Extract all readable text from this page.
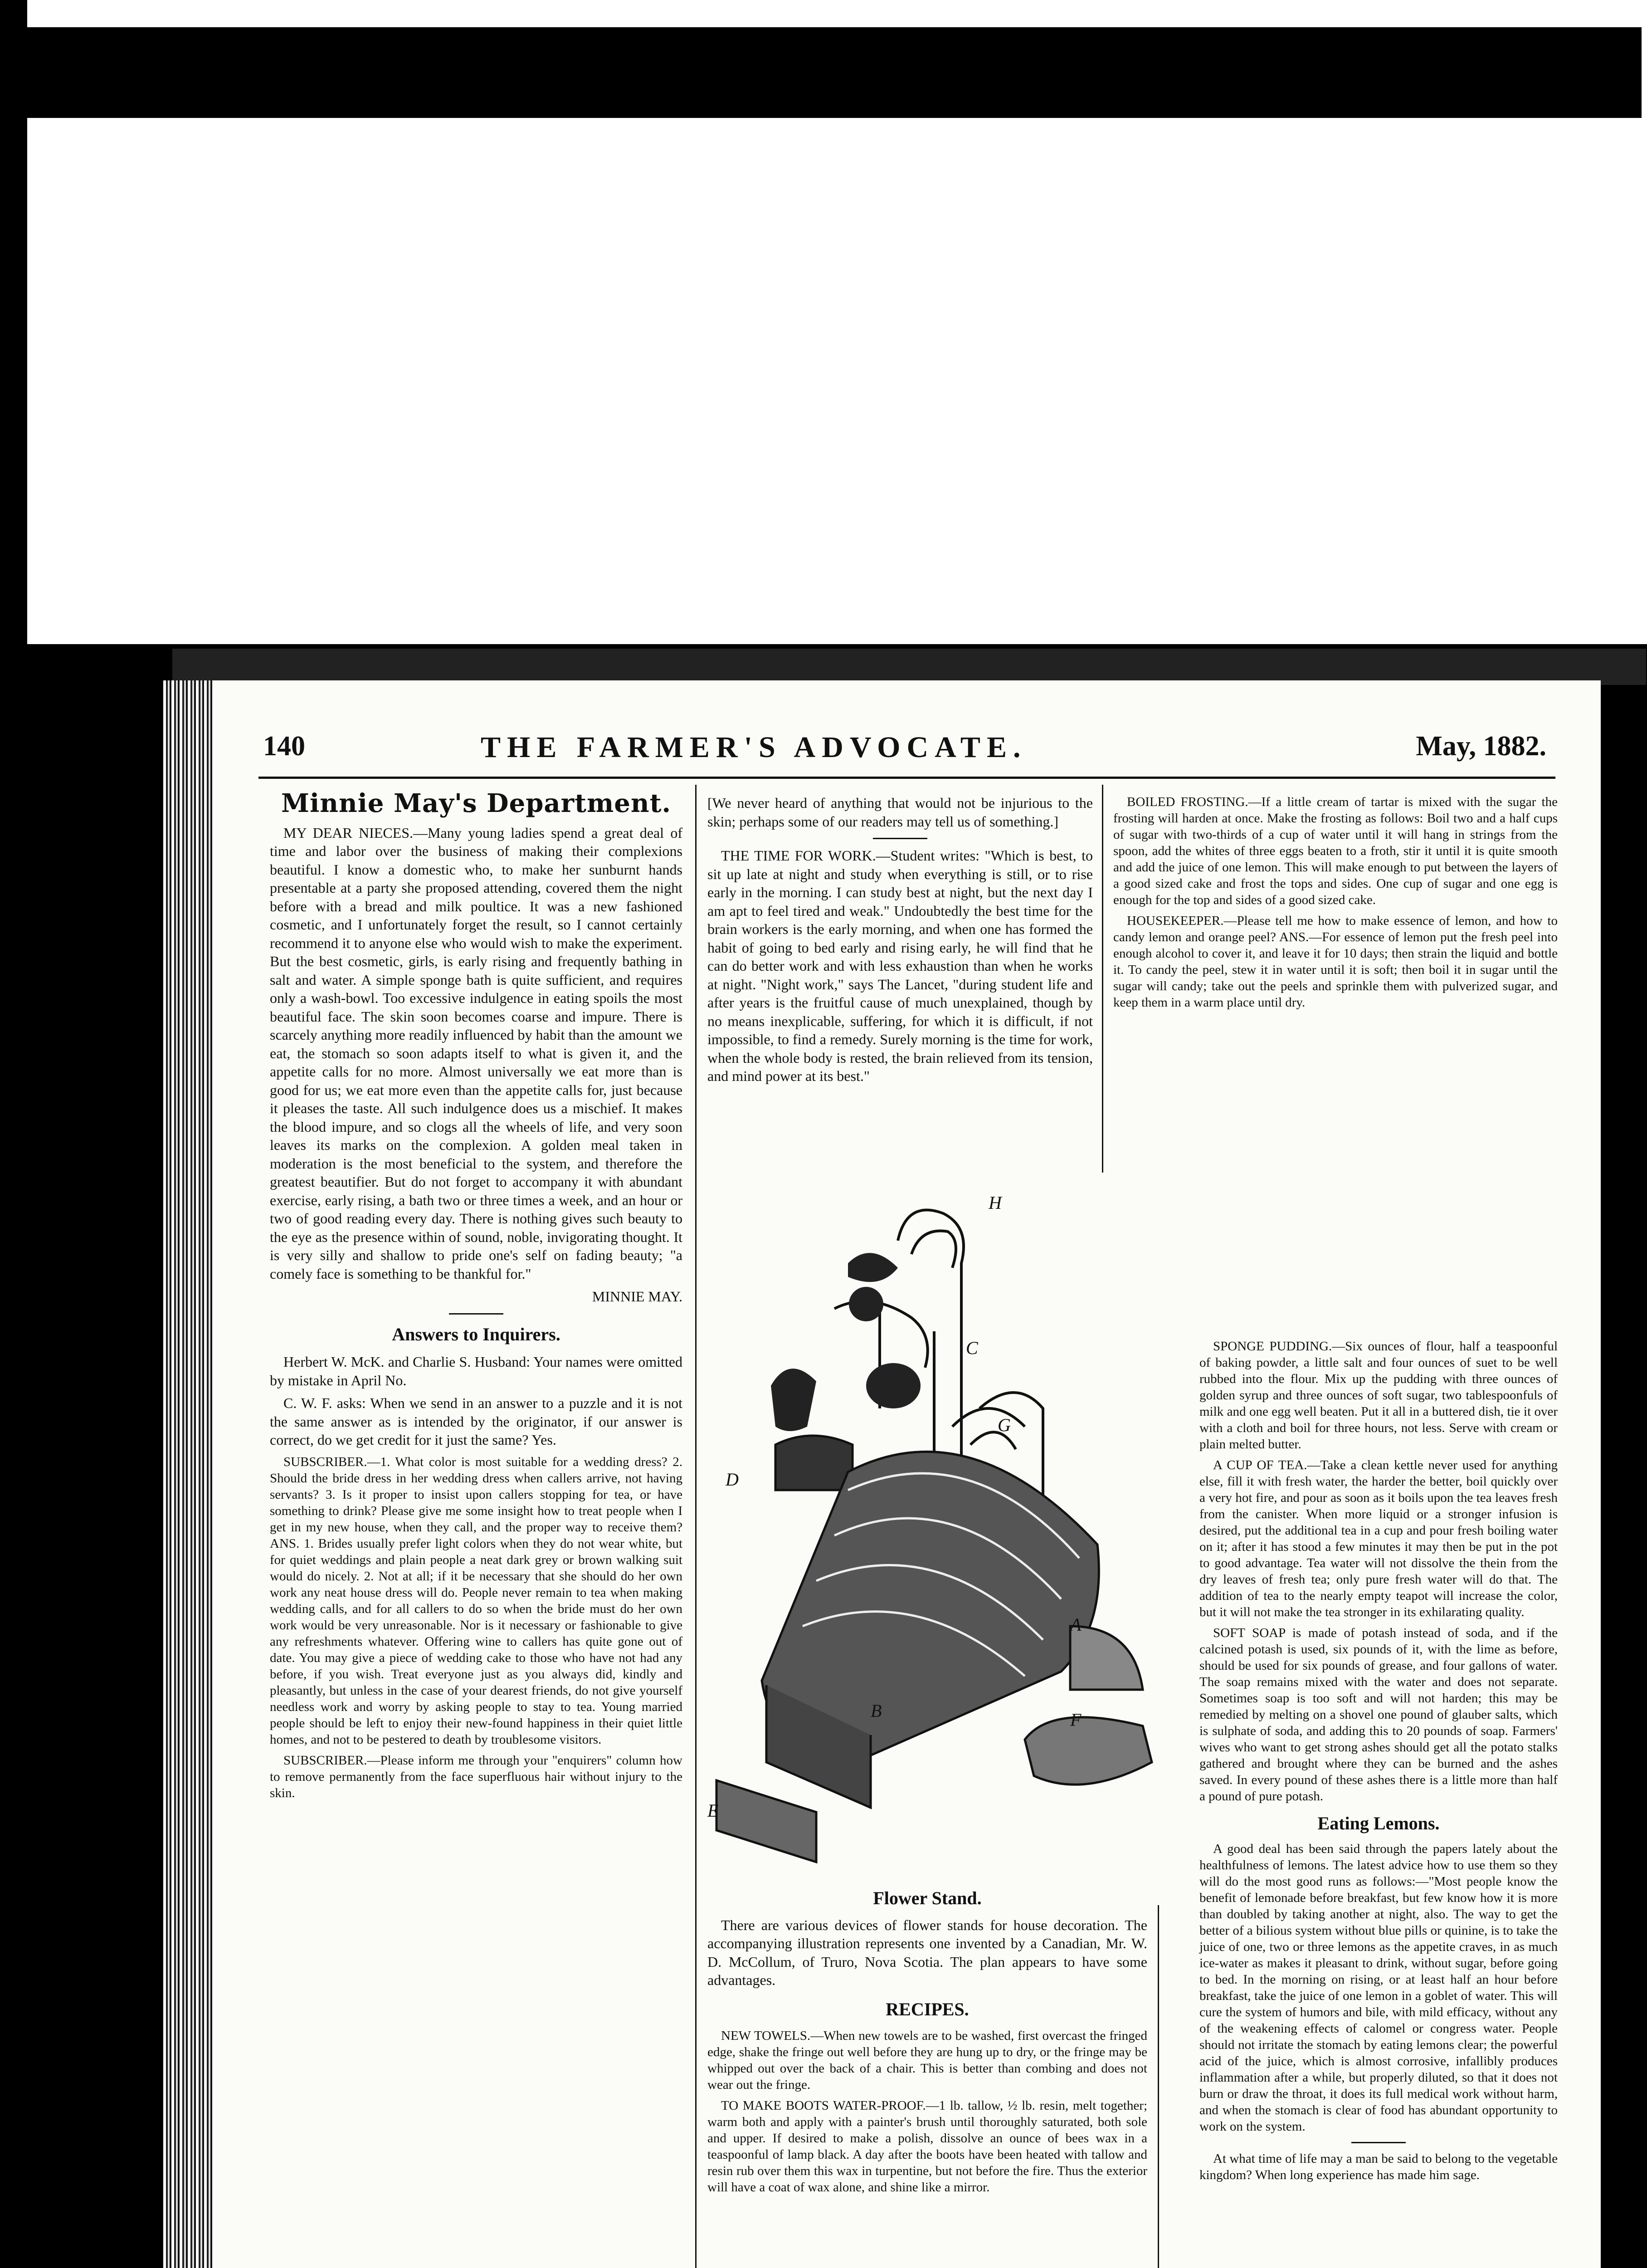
140	THE FARMER'S ADVOCATE.	May, 1882.
Minnie May's Department.

MY DEAR NIECES.—Many young ladies spend a great deal of time and labor over the business of making their complexions beautiful. I know a domestic who, to make her sunburnt hands presentable at a party she proposed attending, covered them the night before with a bread and milk poultice. It was a new fashioned cosmetic, and I unfortunately forget the result, so I cannot certainly recommend it to anyone else who would wish to make the experiment. But the best cosmetic, girls, is early rising and frequently bathing in salt and water. A simple sponge bath is quite sufficient, and requires only a wash-bowl. Too excessive indulgence in eating spoils the most beautiful face. The skin soon becomes coarse and impure. There is scarcely anything more readily influenced by habit than the amount we eat, the stomach so soon adapts itself to what is given it, and the appetite calls for no more. Almost universally we eat more than is good for us; we eat more even than the appetite calls for, just because it pleases the taste. All such indulgence does us a mischief. It makes the blood impure, and so clogs all the wheels of life, and very soon leaves its marks on the complexion. A golden meal taken in moderation is the most beneficial to the system, and therefore the greatest beautifier. But do not forget to accompany it with abundant exercise, early rising, a bath two or three times a week, and an hour or two of good reading every day. There is nothing gives such beauty to the eye as the presence within of sound, noble, invigorating thought. It is very silly and shallow to pride one's self on fading beauty; "a comely face is something to be thankful for."

MINNIE MAY.
Answers to Inquirers.

Herbert W. McK. and Charlie S. Husband: Your names were omitted by mistake in April No.

C. W. F. asks: When we send in an answer to a puzzle and it is not the same answer as is intended by the originator, if our answer is correct, do we get credit for it just the same? Yes.

SUBSCRIBER.—1. What color is most suitable for a wedding dress? 2. Should the bride dress in her wedding dress when callers arrive, not having servants? 3. Is it proper to insist upon callers stopping for tea, or have something to drink? Please give me some insight how to treat people when I get in my new house, when they call, and the proper way to receive them? ANS. 1. Brides usually prefer light colors when they do not wear white, but for quiet weddings and plain people a neat dark grey or brown walking suit would do nicely. 2. Not at all; if it be necessary that she should do her own work any neat house dress will do. People never remain to tea when making wedding calls, and for all callers to do so when the bride must do her own work would be very unreasonable. Nor is it necessary or fashionable to give any refreshments whatever. Offering wine to callers has quite gone out of date. You may give a piece of wedding cake to those who have not had any before, if you wish. Treat everyone just as you always did, kindly and pleasantly, but unless in the case of your dearest friends, do not give yourself needless work and worry by asking people to stay to tea. Young married people should be left to enjoy their new-found happiness in their quiet little homes, and not to be pestered to death by troublesome visitors.

SUBSCRIBER.—Please inform me through your "enquirers" column how to remove permanently from the face superfluous hair without injury to the skin.

[We never heard of anything that would not be injurious to the skin; perhaps some of our readers may tell us of something.]

THE TIME FOR WORK.—Student writes: "Which is best, to sit up late at night and study when everything is still, or to rise early in the morning. I can study best at night, but the next day I am apt to feel tired and weak." Undoubtedly the best time for the brain workers is the early morning, and when one has formed the habit of going to bed early and rising early, he will find that he can do better work and with less exhaustion than when he works at night. "Night work," says The Lancet, "during student life and after years is the fruitful cause of much unexplained, though by no means inexplicable, suffering, for which it is difficult, if not impossible, to find a remedy. Surely morning is the time for work, when the whole body is rested, the brain relieved from its tension, and mind power at its best."

A
C
D
E
F
G
H
B
Flower Stand.

There are various devices of flower stands for house decoration. The accompanying illustration represents one invented by a Canadian, Mr. W. D. McCollum, of Truro, Nova Scotia. The plan appears to have some advantages.

RECIPES.

NEW TOWELS.—When new towels are to be washed, first overcast the fringed edge, shake the fringe out well before they are hung up to dry, or the fringe may be whipped out over the back of a chair. This is better than combing and does not wear out the fringe.

TO MAKE BOOTS WATER-PROOF.—1 lb. tallow, ½ lb. resin, melt together; warm both and apply with a painter's brush until thoroughly saturated, both sole and upper. If desired to make a polish, dissolve an ounce of bees wax in a teaspoonful of lamp black. A day after the boots have been heated with tallow and resin rub over them this wax in turpentine, but not before the fire. Thus the exterior will have a coat of wax alone, and shine like a mirror.

BOILED FROSTING.—If a little cream of tartar is mixed with the sugar the frosting will harden at once. Make the frosting as follows: Boil two and a half cups of sugar with two-thirds of a cup of water until it will hang in strings from the spoon, add the whites of three eggs beaten to a froth, stir it until it is quite smooth and add the juice of one lemon. This will make enough to put between the layers of a good sized cake and frost the tops and sides. One cup of sugar and one egg is enough for the top and sides of a good sized cake.

HOUSEKEEPER.—Please tell me how to make essence of lemon, and how to candy lemon and orange peel? ANS.—For essence of lemon put the fresh peel into enough alcohol to cover it, and leave it for 10 days; then strain the liquid and bottle it. To candy the peel, stew it in water until it is soft; then boil it in sugar until the sugar will candy; take out the peels and sprinkle them with pulverized sugar, and keep them in a warm place until dry.

SPONGE PUDDING.—Six ounces of flour, half a teaspoonful of baking powder, a little salt and four ounces of suet to be well rubbed into the flour. Mix up the pudding with three ounces of golden syrup and three ounces of soft sugar, two tablespoonfuls of milk and one egg well beaten. Put it all in a buttered dish, tie it over with a cloth and boil for three hours, not less. Serve with cream or plain melted butter.

A CUP OF TEA.—Take a clean kettle never used for anything else, fill it with fresh water, the harder the better, boil quickly over a very hot fire, and pour as soon as it boils upon the tea leaves fresh from the canister. When more liquid or a stronger infusion is desired, put the additional tea in a cup and pour fresh boiling water on it; after it has stood a few minutes it may then be put in the pot to good advantage. Tea water will not dissolve the thein from the dry leaves of fresh tea; only pure fresh water will do that. The addition of tea to the nearly empty teapot will increase the color, but it will not make the tea stronger in its exhilarating quality.

SOFT SOAP is made of potash instead of soda, and if the calcined potash is used, six pounds of it, with the lime as before, should be used for six pounds of grease, and four gallons of water. The soap remains mixed with the water and does not separate. Sometimes soap is too soft and will not harden; this may be remedied by melting on a shovel one pound of glauber salts, which is sulphate of soda, and adding this to 20 pounds of soap. Farmers' wives who want to get strong ashes should get all the potato stalks gathered and brought where they can be burned and the ashes saved. In every pound of these ashes there is a little more than half a pound of pure potash.

Eating Lemons.

A good deal has been said through the papers lately about the healthfulness of lemons. The latest advice how to use them so they will do the most good runs as follows:—"Most people know the benefit of lemonade before breakfast, but few know how it is more than doubled by taking another at night, also. The way to get the better of a bilious system without blue pills or quinine, is to take the juice of one, two or three lemons as the appetite craves, in as much ice-water as makes it pleasant to drink, without sugar, before going to bed. In the morning on rising, or at least half an hour before breakfast, take the juice of one lemon in a goblet of water. This will cure the system of humors and bile, with mild efficacy, without any of the weakening effects of calomel or congress water. People should not irritate the stomach by eating lemons clear; the powerful acid of the juice, which is almost corrosive, infallibly produces inflammation after a while, but properly diluted, so that it does not burn or draw the throat, it does its full medical work without harm, and when the stomach is clear of food has abundant opportunity to work on the system.

At what time of life may a man be said to belong to the vegetable kingdom? When long experience has made him sage.
